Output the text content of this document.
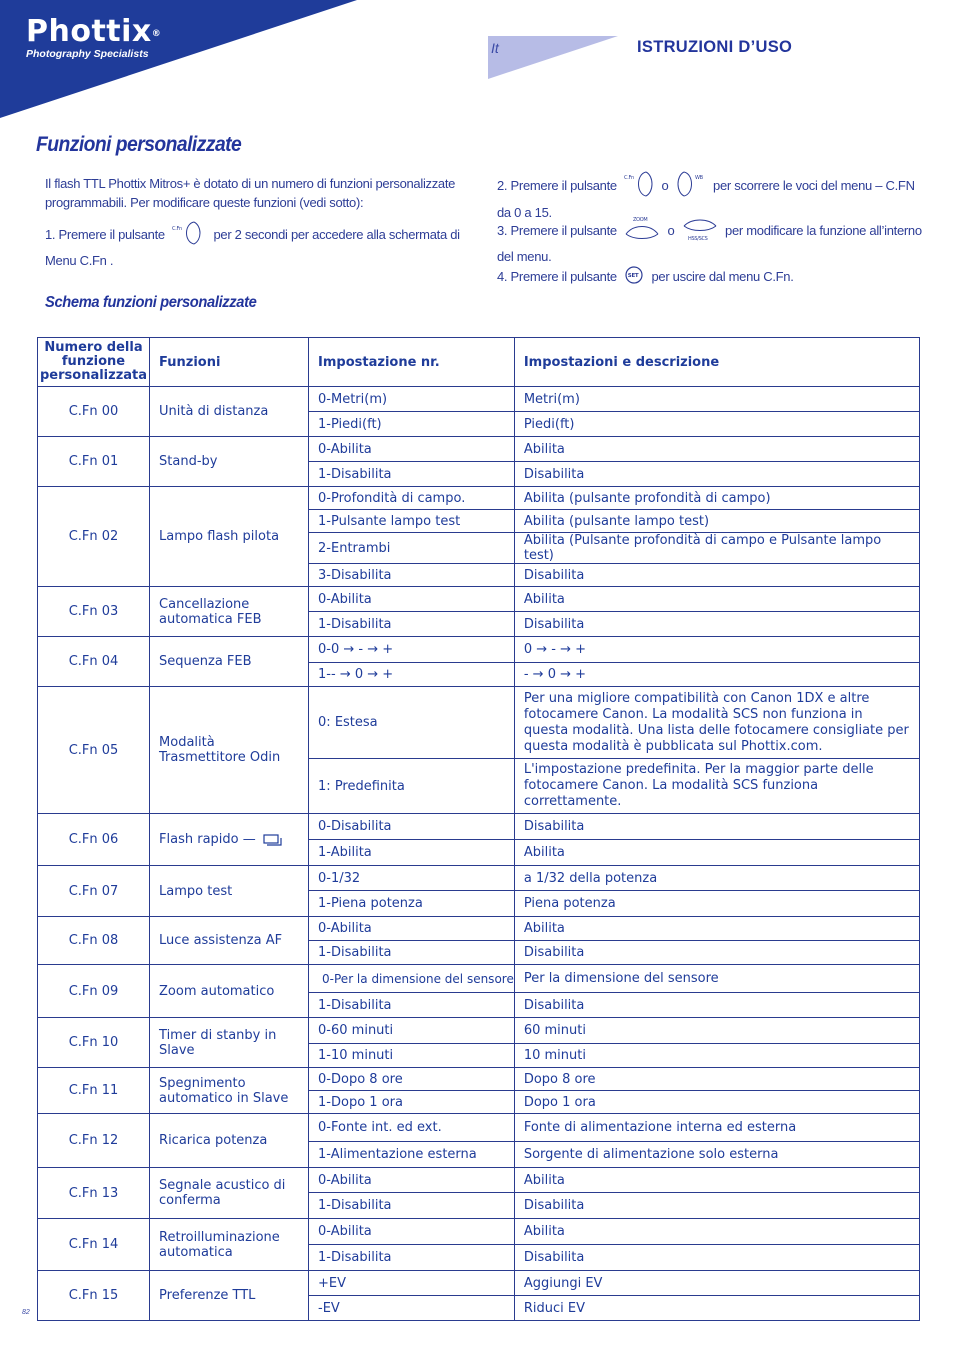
Phottix®
Photography Specialists	It	ISTRUZIONI D’USO
Funzioni personalizzate
Il flash TTL Phottix Mitros+ è dotato di un numero di funzioni personalizzate programmabili. Per modificare queste funzioni (vedi sotto):
1. Premere il pulsante C.Fn per 2 secondi per accedere alla schermata di Menu C.Fn .
2. Premere il pulsante C.Fn o	WB per scorrere le voci del menu – C.FN da 0 a 15.
3. Premere il pulsante
ZOOM
o
HSS/SCS
per modificare la funzione all’interno del menu.
4. Premere il pulsante SET per uscire dal menu C.Fn.
Schema funzioni personalizzate
Numero della funzione personalizzata	Funzioni	Impostazione nr.	Impostazioni e descrizione
C.Fn 00	Unità di distanza	0-Metri(m)	Metri(m)
		1-Piedi(ft)	Piedi(ft)
C.Fn 01	Stand-by	0-Abilita	Abilita
		1-Disabilita	Disabilita
C.Fn 02	Lampo flash pilota	0-Profondità di campo.	Abilita (pulsante profondità di campo)
		1-Pulsante lampo test	Abilita (pulsante lampo test)
		2-Entrambi	Abilita (Pulsante profondità di campo e Pulsante lampo test)
		3-Disabilita	Disabilita
C.Fn 03	Cancellazione automatica FEB	0-Abilita	Abilita
		1-Disabilita	Disabilita
C.Fn 04	Sequenza FEB	0-0 → - → +	0 → - → +
		1-- → 0 → +	- → 0 → +
C.Fn 05	Modalità Trasmettitore Odin	0: Estesa	Per una migliore compatibilità con Canon 1DX e altre fotocamere Canon. La modalità SCS non funziona in questa modalità. Una lista delle fotocamere consigliate per questa modalità è pubblicata sul Phottix.com.
		1: Predefinita	L'impostazione predefinita. Per la maggior parte delle fotocamere Canon. La modalità SCS funziona correttamente.
C.Fn 06	Flash rapido —	0-Disabilita	Disabilita
		1-Abilita	Abilita
C.Fn 07	Lampo test	0-1/32	a 1/32 della potenza
		1-Piena potenza	Piena potenza
C.Fn 08	Luce assistenza AF	0-Abilita	Abilita
		1-Disabilita	Disabilita
C.Fn 09	Zoom automatico	0-Per la dimensione del sensore	Per la dimensione del sensore
		1-Disabilita	Disabilita
C.Fn 10	Timer di stanby in Slave	0-60 minuti	60 minuti
		1-10 minuti	10 minuti
C.Fn 11	Spegnimento automatico in Slave	0-Dopo 8 ore	Dopo 8 ore
		1-Dopo 1 ora	Dopo 1 ora
C.Fn 12	Ricarica potenza	0-Fonte int. ed ext.	Fonte di alimentazione interna ed esterna
		1-Alimentazione esterna	Sorgente di alimentazione solo esterna
C.Fn 13	Segnale acustico di conferma	0-Abilita	Abilita
		1-Disabilita	Disabilita
C.Fn 14	Retroilluminazione automatica	0-Abilita	Abilita
		1-Disabilita	Disabilita
C.Fn 15	Preferenze TTL	+EV	Aggiungi EV
		-EV	Riduci EV
82
